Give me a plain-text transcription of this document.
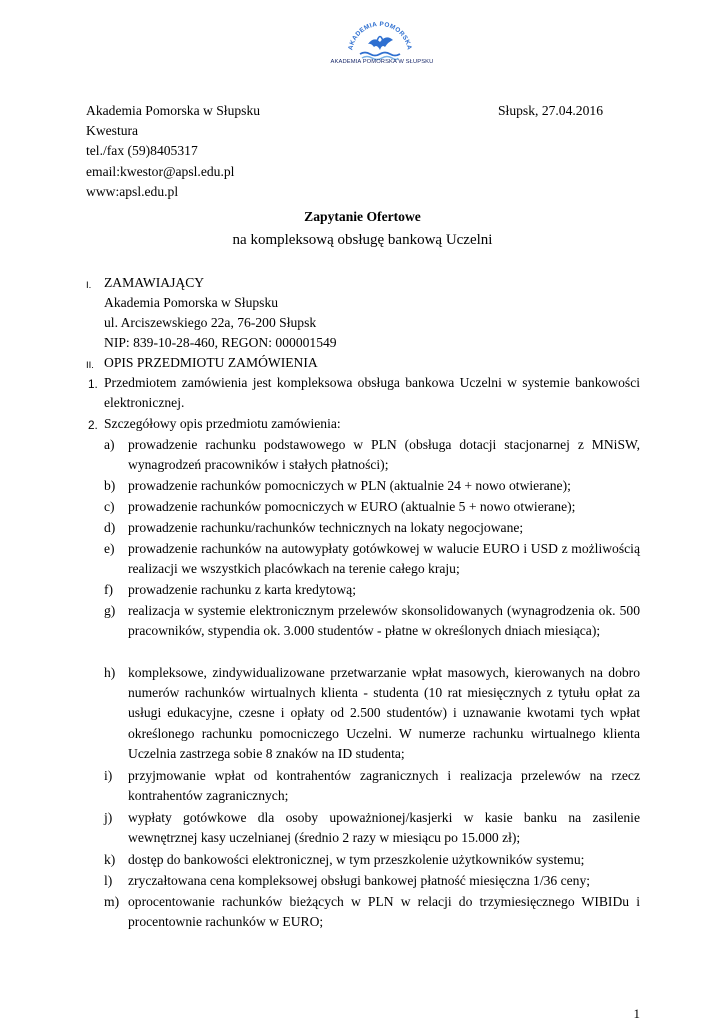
AKADEMIA POMORSKA
AKADEMIA POMORSKA W SŁUPSKU
Akademia Pomorska w Słupsku
Kwestura
tel./fax (59)8405317
email:kwestor@apsl.edu.pl
www:apsl.edu.pl
Słupsk, 27.04.2016
Zapytanie Ofertowe
na kompleksową obsługę bankową Uczelni
I. ZAMAWIAJĄCY
Akademia Pomorska w Słupsku
ul. Arciszewskiego 22a, 76-200 Słupsk
NIP: 839-10-28-460, REGON: 000001549
II. OPIS PRZEDMIOTU ZAMÓWIENIA
1. Przedmiotem zamówienia jest kompleksowa obsługa bankowa Uczelni w systemie bankowości elektronicznej.
2. Szczegółowy opis przedmiotu zamówienia:
a) prowadzenie rachunku podstawowego w PLN (obsługa dotacji stacjonarnej z MNiSW, wynagrodzeń pracowników i stałych płatności);
b) prowadzenie rachunków pomocniczych w PLN (aktualnie 24 + nowo otwierane);
c) prowadzenie rachunków pomocniczych w EURO (aktualnie 5 + nowo otwierane);
d) prowadzenie rachunku/rachunków technicznych na lokaty negocjowane;
e) prowadzenie rachunków na autowypłaty gotówkowej w walucie EURO i USD z możliwością realizacji we wszystkich placówkach na terenie całego kraju;
f)	prowadzenie rachunku z karta kredytową;
g) realizacja w systemie elektronicznym przelewów skonsolidowanych (wynagrodzenia ok. 500 pracowników, stypendia ok. 3.000 studentów - płatne w określonych dniach miesiąca);
h) kompleksowe, zindywidualizowane przetwarzanie wpłat masowych, kierowanych na dobro numerów rachunków wirtualnych klienta - studenta (10 rat miesięcznych z tytułu opłat za usługi edukacyjne, czesne i opłaty od 2.500 studentów) i uznawanie kwotami tych wpłat określonego rachunku pomocniczego Uczelni. W numerze rachunku wirtualnego klienta Uczelnia zastrzega sobie 8 znaków na ID studenta;
i)	przyjmowanie wpłat od kontrahentów zagranicznych i realizacja przelewów na rzecz kontrahentów zagranicznych;
j)	wypłaty gotówkowe dla osoby upoważnionej/kasjerki w kasie banku na zasilenie wewnętrznej kasy uczelnianej (średnio 2 razy w miesiącu po 15.000 zł);
k) dostęp do bankowości elektronicznej, w tym przeszkolenie użytkowników systemu;
l)	zryczałtowana cena kompleksowej obsługi bankowej płatność miesięczna 1/36 ceny;
m) oprocentowanie rachunków bieżących w PLN w relacji do trzymiesięcznego WIBIDu i procentownie rachunków w EURO;
1
